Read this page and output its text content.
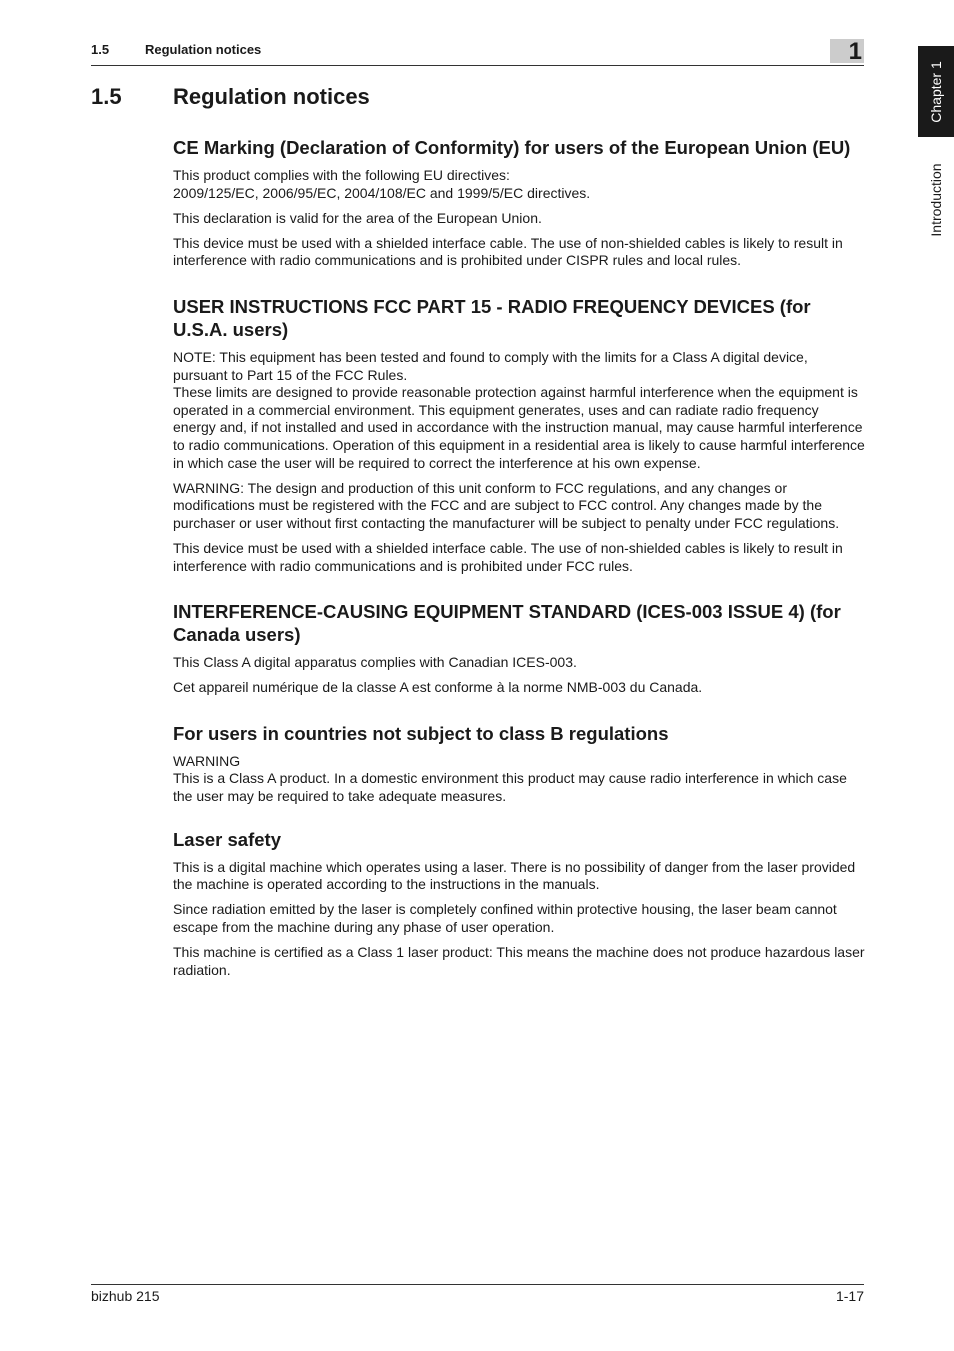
1.5	Regulation notices	1
Chapter 1
Introduction
1.5 Regulation notices
CE Marking (Declaration of Conformity) for users of the European Union (EU)

This product complies with the following EU directives:

2009/125/EC, 2006/95/EC, 2004/108/EC and 1999/5/EC directives.

This declaration is valid for the area of the European Union.

This device must be used with a shielded interface cable. The use of non-shielded cables is likely to result in interference with radio communications and is prohibited under CISPR rules and local rules.

USER INSTRUCTIONS FCC PART 15 - RADIO FREQUENCY DEVICES (for U.S.A. users)

NOTE: This equipment has been tested and found to comply with the limits for a Class A digital device, pursuant to Part 15 of the FCC Rules.

These limits are designed to provide reasonable protection against harmful interference when the equipment is operated in a commercial environment. This equipment generates, uses and can radiate radio frequency energy and, if not installed and used in accordance with the instruction manual, may cause harmful interference to radio communications. Operation of this equipment in a residential area is likely to cause harmful interference in which case the user will be required to correct the interference at his own expense.

WARNING: The design and production of this unit conform to FCC regulations, and any changes or modifications must be registered with the FCC and are subject to FCC control. Any changes made by the purchaser or user without first contacting the manufacturer will be subject to penalty under FCC regulations.

This device must be used with a shielded interface cable. The use of non-shielded cables is likely to result in interference with radio communications and is prohibited under FCC rules.

INTERFERENCE-CAUSING EQUIPMENT STANDARD (ICES-003 ISSUE 4) (for Canada users)

This Class A digital apparatus complies with Canadian ICES-003.

Cet appareil numérique de la classe A est conforme à la norme NMB-003 du Canada.

For users in countries not subject to class B regulations

WARNING

This is a Class A product. In a domestic environment this product may cause radio interference in which case the user may be required to take adequate measures.

Laser safety

This is a digital machine which operates using a laser. There is no possibility of danger from the laser provided the machine is operated according to the instructions in the manuals.

Since radiation emitted by the laser is completely confined within protective housing, the laser beam cannot escape from the machine during any phase of user operation.

This machine is certified as a Class 1 laser product: This means the machine does not produce hazardous laser radiation.

bizhub 215	1-17
